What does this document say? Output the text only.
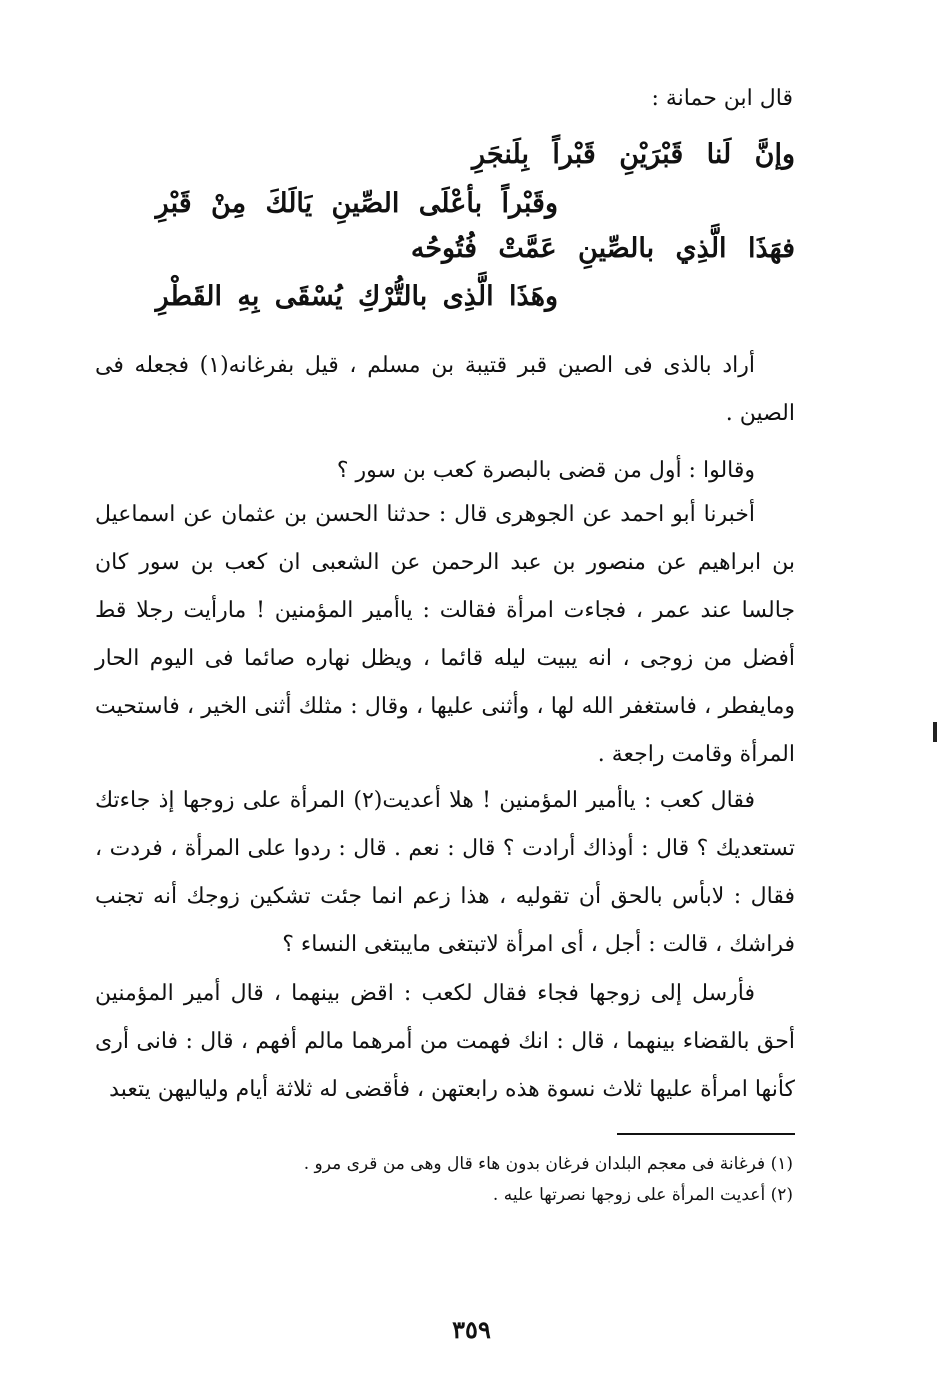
قال ابن حمانة :
وإنَّ لَنا قَبْرَيْنِ قَبْراً بِلَنجَرِ
وقَبْراً بأعْلَى الصِّينِ يَالَكَ مِنْ قَبْرِ
فهَذَا الَّذِي بالصِّينِ عَمَّتْ فُتُوحُه
وهَذَا الَّذِى بالتُّرْكِ يُسْقَى بِهِ القَطْرِ
أراد بالذى فى الصين قبر قتيبة بن مسلم ، قيل بفرغانه(١) فجعله فى الصين .
وقالوا : أول من قضى بالبصرة كعب بن سور ؟
أخبرنا أبو احمد عن الجوهرى قال : حدثنا الحسن بن عثمان عن اسماعيل بن ابراهيم عن منصور بن عبد الرحمن عن الشعبى ان كعب بن سور كان جالسا عند عمر ، فجاءت امرأة فقالت : ياأمير المؤمنين ! مارأيت رجلا قط أفضل من زوجى ، انه يبيت ليله قائما ، ويظل نهاره صائما فى اليوم الحار ومايفطر ، فاستغفر الله لها ، وأثنى عليها ، وقال : مثلك أثنى الخير ، فاستحيت المرأة وقامت راجعة .
فقال كعب : ياأمير المؤمنين ! هلا أعديت(٢) المرأة على زوجها إذ جاءتك تستعديك ؟ قال : أوذاك أرادت ؟ قال : نعم . قال : ردوا على المرأة ، فردت ، فقال : لابأس بالحق أن تقوليه ، هذا زعم انما جئت تشكين زوجك أنه تجنب فراشك ، قالت : أجل ، أى امرأة لاتبتغى مايبتغى النساء ؟
فأرسل إلى زوجها فجاء فقال لكعب : اقض بينهما ، قال أمير المؤمنين أحق بالقضاء بينهما ، قال : انك فهمت من أمرهما مالم أفهم ، قال : فانى أرى كأنها امرأة عليها ثلاث نسوة هذه رابعتهن ، فأقضى له ثلاثة أيام ولياليهن يتعبد
(١) فرغانة فى معجم البلدان فرغان بدون هاء قال وهى من قرى مرو .
(٢) أعديت المرأة على زوجها نصرتها عليه .
٣٥٩
